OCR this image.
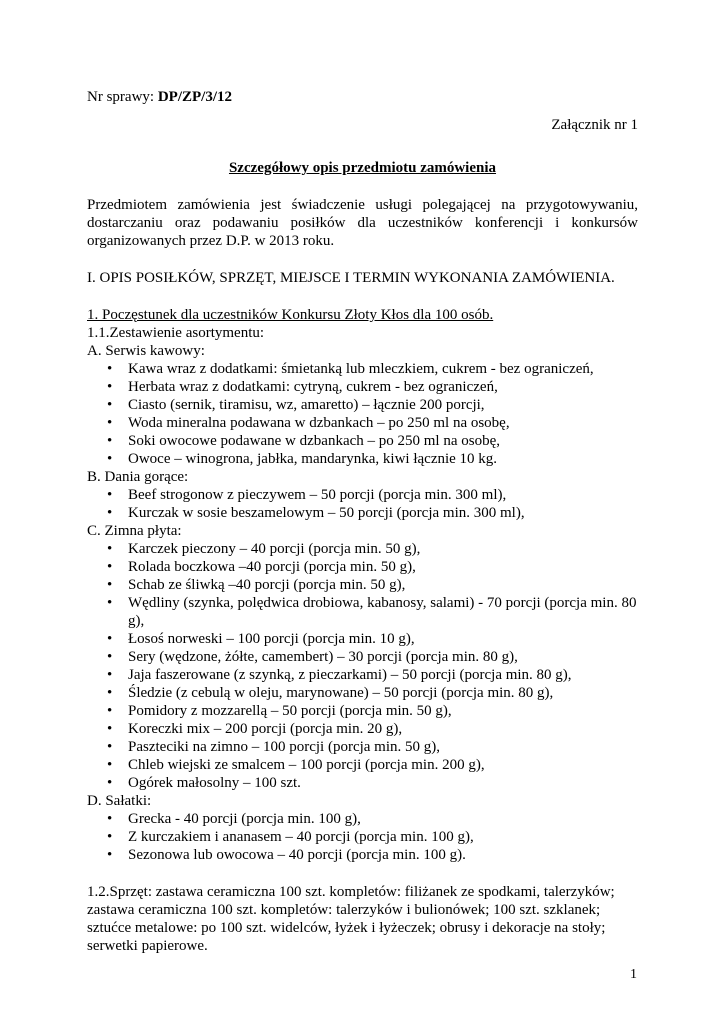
Nr sprawy: DP/ZP/3/12

Załącznik nr 1

Szczegółowy opis przedmiotu zamówienia

Przedmiotem zamówienia jest świadczenie usługi polegającej na przygotowywaniu, dostarczaniu oraz podawaniu posiłków dla uczestników konferencji i konkursów organizowanych przez D.P. w 2013 roku.

I. OPIS POSIŁKÓW, SPRZĘT, MIEJSCE I TERMIN WYKONANIA ZAMÓWIENIA.

1. Poczęstunek dla uczestników Konkursu Złoty Kłos dla 100 osób.

1.1.Zestawienie asortymentu:

A. Serwis kawowy:

• Kawa wraz z dodatkami: śmietanką lub mleczkiem, cukrem - bez ograniczeń,
• Herbata wraz z dodatkami: cytryną, cukrem - bez ograniczeń,
• Ciasto (sernik, tiramisu, wz, amaretto) – łącznie 200 porcji,
• Woda mineralna podawana w dzbankach – po 250 ml na osobę,
• Soki owocowe podawane w dzbankach – po 250 ml na osobę,
• Owoce – winogrona, jabłka, mandarynka, kiwi łącznie 10 kg.

B. Dania gorące:

• Beef strogonow z pieczywem – 50 porcji (porcja min. 300 ml),
• Kurczak w sosie beszamelowym – 50 porcji (porcja min. 300 ml),

C. Zimna płyta:

• Karczek pieczony – 40 porcji (porcja min. 50 g),
• Rolada boczkowa –40 porcji (porcja min. 50 g),
• Schab ze śliwką –40 porcji (porcja min. 50 g),
• Wędliny (szynka, polędwica drobiowa, kabanosy, salami) - 70 porcji (porcja min. 80 g),
• Łosoś norweski – 100 porcji (porcja min. 10 g),
• Sery (wędzone, żółte, camembert) – 30 porcji (porcja min. 80 g),
• Jaja faszerowane (z szynką, z pieczarkami) – 50 porcji (porcja min. 80 g),
• Śledzie (z cebulą w oleju, marynowane) – 50 porcji (porcja min. 80 g),
• Pomidory z mozzarellą – 50 porcji (porcja min. 50 g),
• Koreczki mix – 200 porcji (porcja min. 20 g),
• Paszteciki na zimno – 100 porcji (porcja min. 50 g),
• Chleb wiejski ze smalcem – 100 porcji (porcja min. 200 g),
• Ogórek małosolny – 100 szt.

D. Sałatki:

• Grecka - 40 porcji (porcja min. 100 g),
• Z kurczakiem i ananasem – 40 porcji (porcja min. 100 g),
• Sezonowa lub owocowa – 40 porcji (porcja min. 100 g).

1.2.Sprzęt: zastawa ceramiczna 100 szt. kompletów: filiżanek ze spodkami, talerzyków; zastawa ceramiczna 100 szt. kompletów: talerzyków i bulionówek; 100 szt. szklanek; sztućce metalowe: po 100 szt. widelców, łyżek i łyżeczek; obrusy i dekoracje na stoły; serwetki papierowe.

1
